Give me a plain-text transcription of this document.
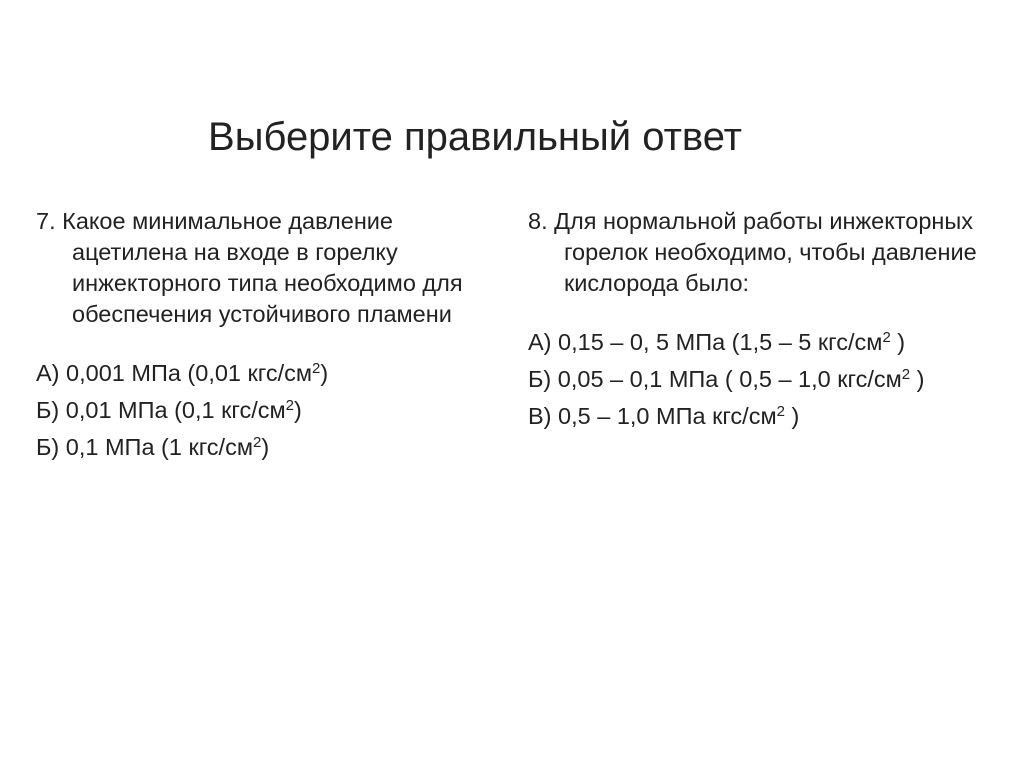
Выберите правильный ответ
7. Какое минимальное давление ацетилена на входе в горелку инжекторного типа необходимо для обеспечения устойчивого пламени
А) 0,001 МПа (0,01 кгс/$см^2$)
Б) 0,01 МПа (0,1 кгс/$см^2$)
Б) 0,1 МПа (1 кгс/$см^2$)
8. Для нормальной работы инжекторных горелок необходимо, чтобы давление кислорода было:
А) 0,15 – 0, 5 МПа (1,5 – 5 кгс/$см^2$ )
Б) 0,05 – 0,1 МПа ( 0,5 – 1,0 кгс/$см^2$ )
В) 0,5 – 1,0 МПа кгс/$см^2$ )
